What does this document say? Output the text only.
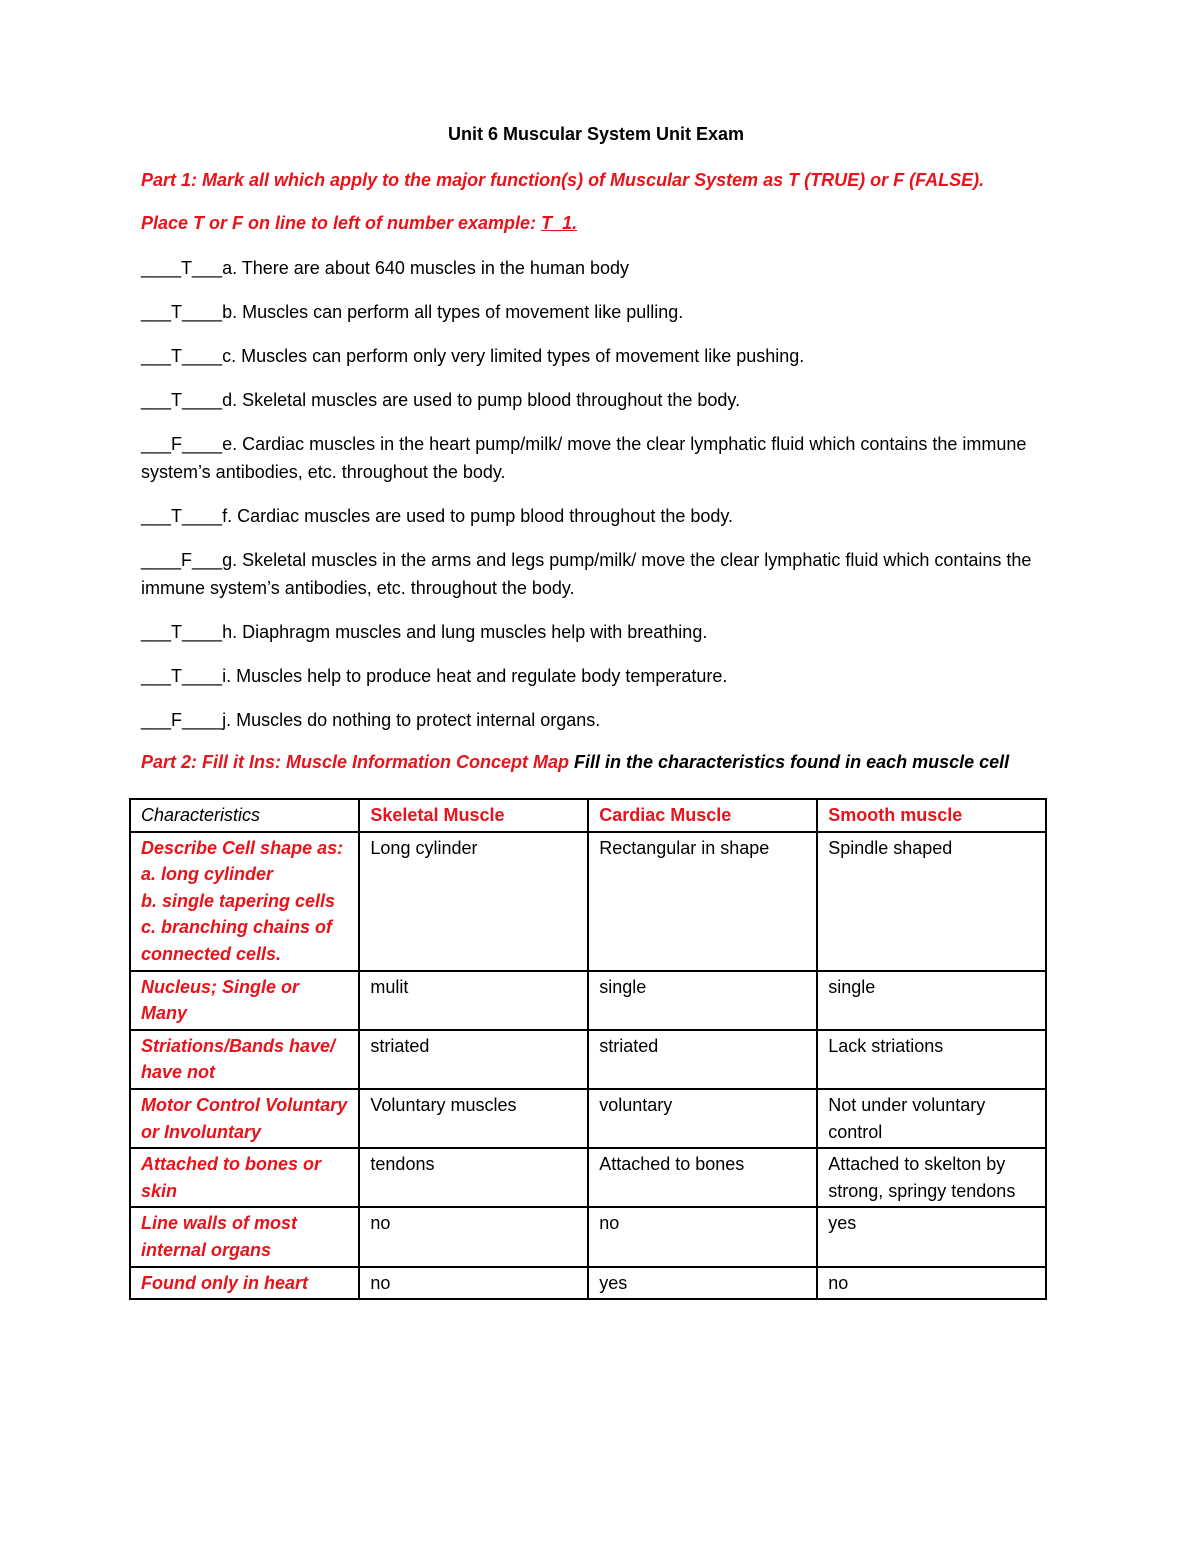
Unit 6 Muscular System Unit Exam
Part 1: Mark all which apply to the major function(s) of Muscular System as T (TRUE) or F (FALSE).
Place T or F on line to left of number example: T_1.
____T___a. There are about 640 muscles in the human body
___T____b. Muscles can perform all types of movement like pulling.
___T____c. Muscles can perform only very limited types of movement like pushing.
___T____d. Skeletal muscles are used to pump blood throughout the body.
___F____e. Cardiac muscles in the heart pump/milk/ move the clear lymphatic fluid which contains the immune system’s antibodies, etc. throughout the body.
___T____f. Cardiac muscles are used to pump blood throughout the body.
____F___g. Skeletal muscles in the arms and legs pump/milk/ move the clear lymphatic fluid which contains the immune system’s antibodies, etc. throughout the body.
___T____h. Diaphragm muscles and lung muscles help with breathing.
___T____i. Muscles help to produce heat and regulate body temperature.
___F____j. Muscles do nothing to protect internal organs.
Part 2: Fill it Ins: Muscle Information Concept Map Fill in the characteristics found in each muscle cell
Characteristics	Skeletal Muscle	Cardiac Muscle	Smooth muscle

Describe Cell shape as:
a. long cylinder
b. single tapering cells
c. branching chains of connected cells.	Long cylinder	Rectangular in shape	Spindle shaped
Nucleus; Single or Many	mulit	single	single
Striations/Bands have/ have not	striated	striated	Lack striations
Motor Control Voluntary or Involuntary	Voluntary muscles	voluntary	Not under voluntary control
Attached to bones or skin	tendons	Attached to bones	Attached to skelton by strong, springy tendons
Line walls of most internal organs	no	no	yes
Found only in heart	no	yes	no
